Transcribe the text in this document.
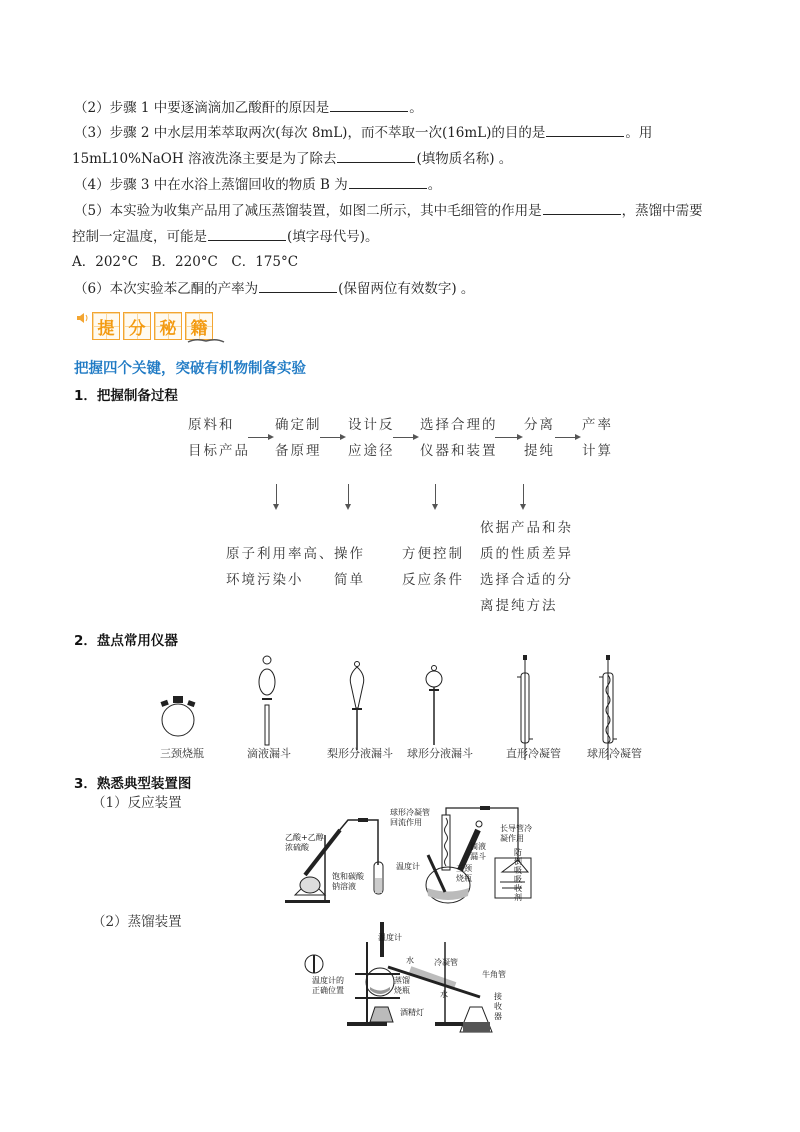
（2）步骤 1 中要逐滴滴加乙酸酐的原因是	。
（3）步骤 2 中水层用苯萃取两次(每次 8mL)，而不萃取一次(16mL)的目的是	。用
15mL10%NaOH 溶液洗涤主要是为了除去	(填物质名称) 。
（4）步骤 3 中在水浴上蒸馏回收的物质 B 为	。
（5）本实验为收集产品用了减压蒸馏装置，如图二所示，其中毛细管的作用是	，蒸馏中需要
控制一定温度，可能是	(填字母代号)。
A．202°C　B．220°C　C．175°C
（6）本次实验苯乙酮的产率为	(保留两位有效数字) 。
提 分 秘 籍
把握四个关键，突破有机物制备实验
1．把握制备过程
原料和
目标产品
确定制
备原理
设计反
应途径
选择合理的
仪器和装置
分离
提纯
产率
计算
原子利用率高、
环境污染小
操作
简单
方便控制
反应条件
依据产品和杂
质的性质差异
选择合适的分
离提纯方法
2．盘点常用仪器
三颈烧瓶	滴液漏斗	梨形分液漏斗 球形分液漏斗	直形冷凝管 球形冷凝管
3．熟悉典型装置图
（1）反应装置
乙酸+乙醇
浓硫酸
饱和碳酸
钠溶液
球形冷凝管
回流作用
长导管冷
凝作用
滴液
漏斗
温度计	三颈
烧瓶
防
倒
吸
吸
收
剂
（2）蒸馏装置
温度计
温度计的
正确位置
蒸馏
烧瓶
酒精灯
水
水
冷凝管
牛角管
接
收
器
